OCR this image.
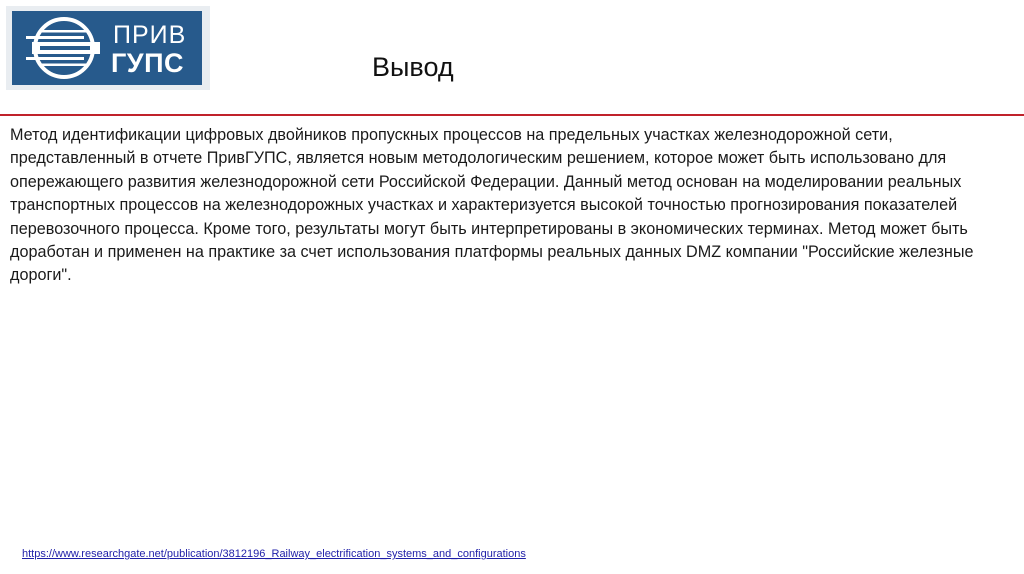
ПРИВ
ГУПС	Вывод
Метод идентификации цифровых двойников пропускных процессов на предельных участках железнодорожной сети, представленный в отчете ПривГУПС, является новым методологическим решением, которое может быть использовано для опережающего развития железнодорожной сети Российской Федерации. Данный метод основан на моделировании реальных транспортных процессов на железнодорожных участках и характеризуется высокой точностью прогнозирования показателей перевозочного процесса. Кроме того, результаты могут быть интерпретированы в экономических терминах. Метод может быть доработан и применен на практике за счет использования платформы реальных данных DMZ компании "Российские железные дороги".
https://www.researchgate.net/publication/3812196_Railway_electrification_systems_and_configurations
